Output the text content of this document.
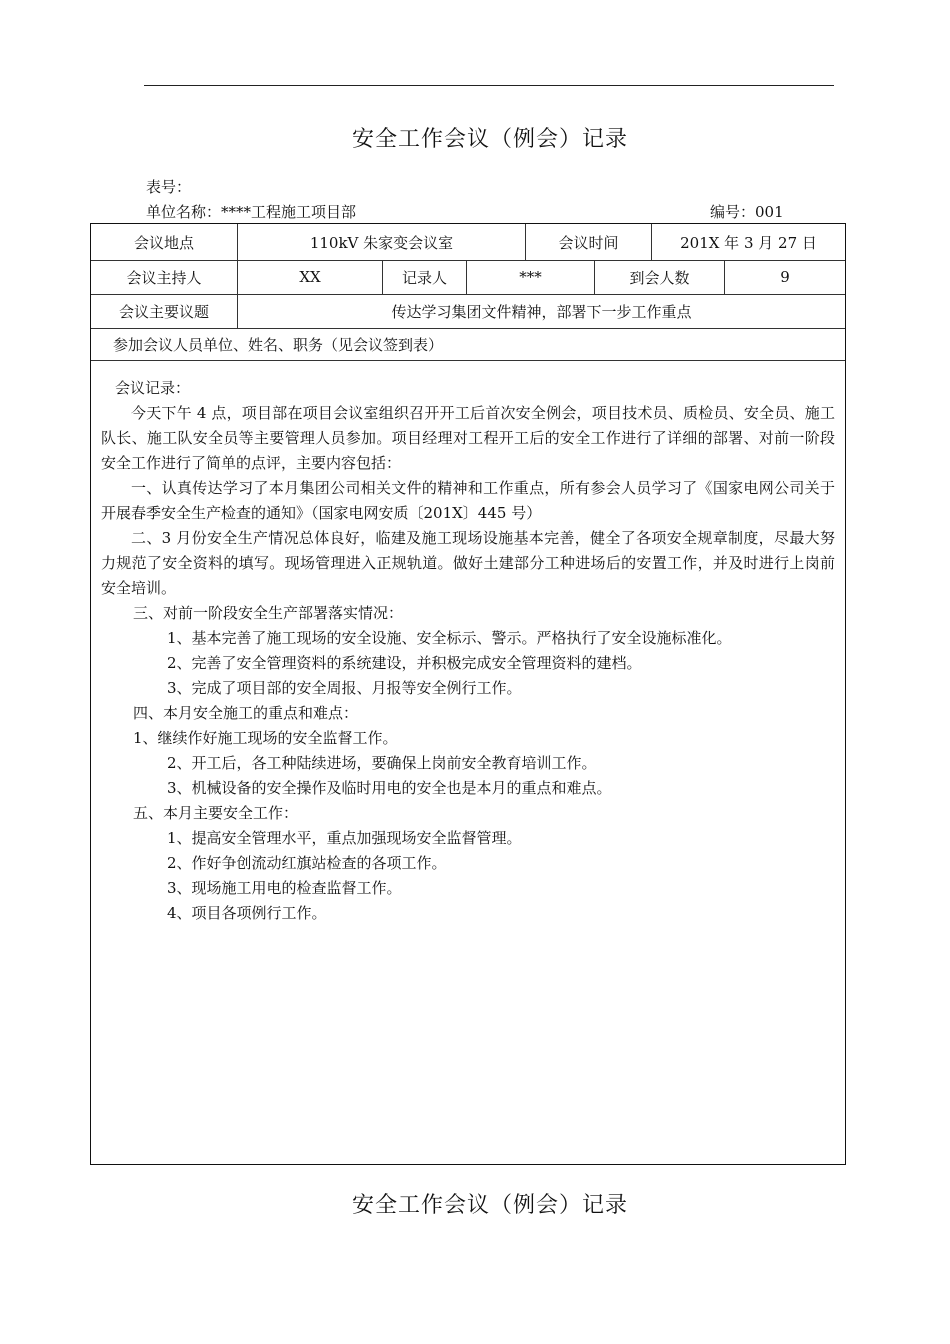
安全工作会议（例会）记录
表号：
单位名称：****工程施工项目部	编号：001
会议地点	110kV 朱家变会议室	会议时间	201X 年 3 月 27 日
会议主持人	XX	记录人	***	到会人数	9
会议主要议题	传达学习集团文件精神，部署下一步工作重点
参加会议人员单位、姓名、职务（见会议签到表）

会议记录：

今天下午 4 点，项目部在项目会议室组织召开开工后首次安全例会，项目技术员、质检员、安全员、施工队长、施工队安全员等主要管理人员参加。项目经理对工程开工后的安全工作进行了详细的部署、对前一阶段安全工作进行了简单的点评，主要内容包括：

一、认真传达学习了本月集团公司相关文件的精神和工作重点，所有参会人员学习了《国家电网公司关于开展春季安全生产检查的通知》（国家电网安质〔201X〕445 号）

二、3 月份安全生产情况总体良好，临建及施工现场设施基本完善，健全了各项安全规章制度，尽最大努力规范了安全资料的填写。现场管理进入正规轨道。做好土建部分工种进场后的安置工作，并及时进行上岗前安全培训。

三、对前一阶段安全生产部署落实情况：

1、基本完善了施工现场的安全设施、安全标示、警示。严格执行了安全设施标准化。

2、完善了安全管理资料的系统建设，并积极完成安全管理资料的建档。

3、完成了项目部的安全周报、月报等安全例行工作。

四、本月安全施工的重点和难点：

1、继续作好施工现场的安全监督工作。

2、开工后，各工种陆续进场，要确保上岗前安全教育培训工作。

3、机械设备的安全操作及临时用电的安全也是本月的重点和难点。

五、本月主要安全工作：

1、提高安全管理水平，重点加强现场安全监督管理。

2、作好争创流动红旗站检查的各项工作。

3、现场施工用电的检查监督工作。

4、项目各项例行工作。

安全工作会议（例会）记录
